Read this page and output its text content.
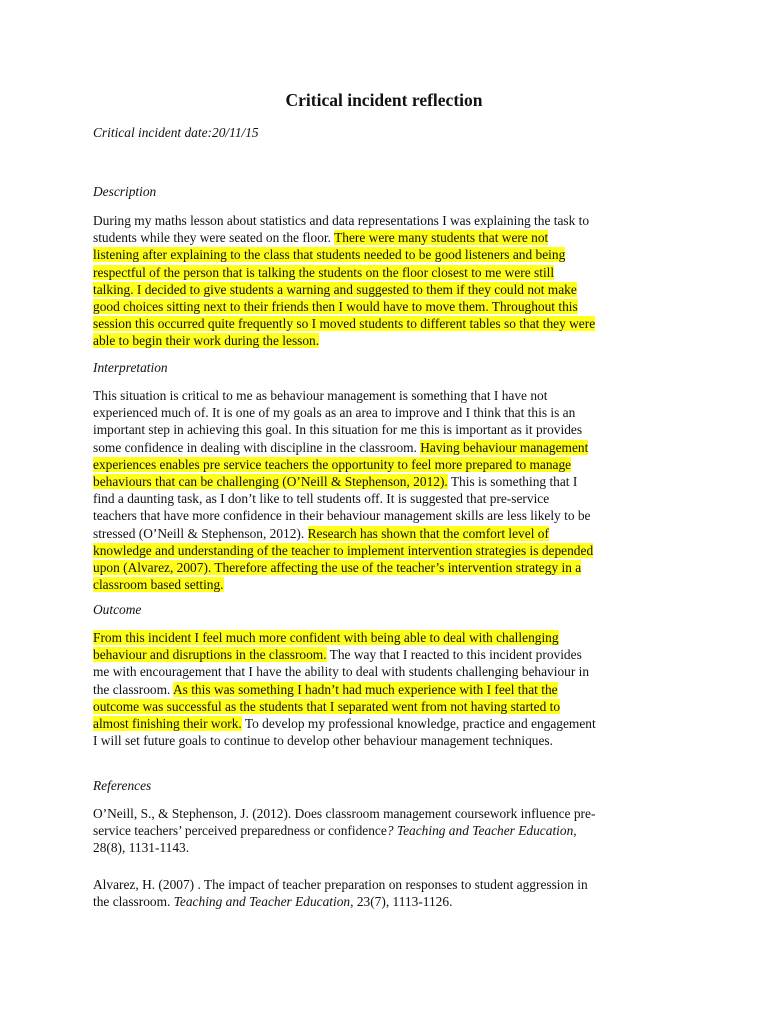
Critical incident reflection
Critical incident date:20/11/15
Description
During my maths lesson about statistics and data representations I was explaining the task to
students while they were seated on the floor. There were many students that were not
listening after explaining to the class that students needed to be good listeners and being
respectful of the person that is talking the students on the floor closest to me were still
talking. I decided to give students a warning and suggested to them if they could not make
good choices sitting next to their friends then I would have to move them. Throughout this
session this occurred quite frequently so I moved students to different tables so that they were
able to begin their work during the lesson.
Interpretation
This situation is critical to me as behaviour management is something that I have not
experienced much of. It is one of my goals as an area to improve and I think that this is an
important step in achieving this goal. In this situation for me this is important as it provides
some confidence in dealing with discipline in the classroom. Having behaviour management
experiences enables pre service teachers the opportunity to feel more prepared to manage
behaviours that can be challenging (O’Neill & Stephenson, 2012). This is something that I
find a daunting task, as I don’t like to tell students off. It is suggested that pre-service
teachers that have more confidence in their behaviour management skills are less likely to be
stressed (O’Neill & Stephenson, 2012). Research has shown that the comfort level of
knowledge and understanding of the teacher to implement intervention strategies is depended
upon (Alvarez, 2007). Therefore affecting the use of the teacher’s intervention strategy in a
classroom based setting.
Outcome
From this incident I feel much more confident with being able to deal with challenging
behaviour and disruptions in the classroom. The way that I reacted to this incident provides
me with encouragement that I have the ability to deal with students challenging behaviour in
the classroom. As this was something I hadn’t had much experience with I feel that the
outcome was successful as the students that I separated went from not having started to
almost finishing their work. To develop my professional knowledge, practice and engagement
I will set future goals to continue to develop other behaviour management techniques.
References
O’Neill, S., & Stephenson, J. (2012). Does classroom management coursework influence pre-
service teachers’ perceived preparedness or confidence? Teaching and Teacher Education,
28(8), 1131-1143.
Alvarez, H. (2007) . The impact of teacher preparation on responses to student aggression in
the classroom. Teaching and Teacher Education, 23(7), 1113-1126.
